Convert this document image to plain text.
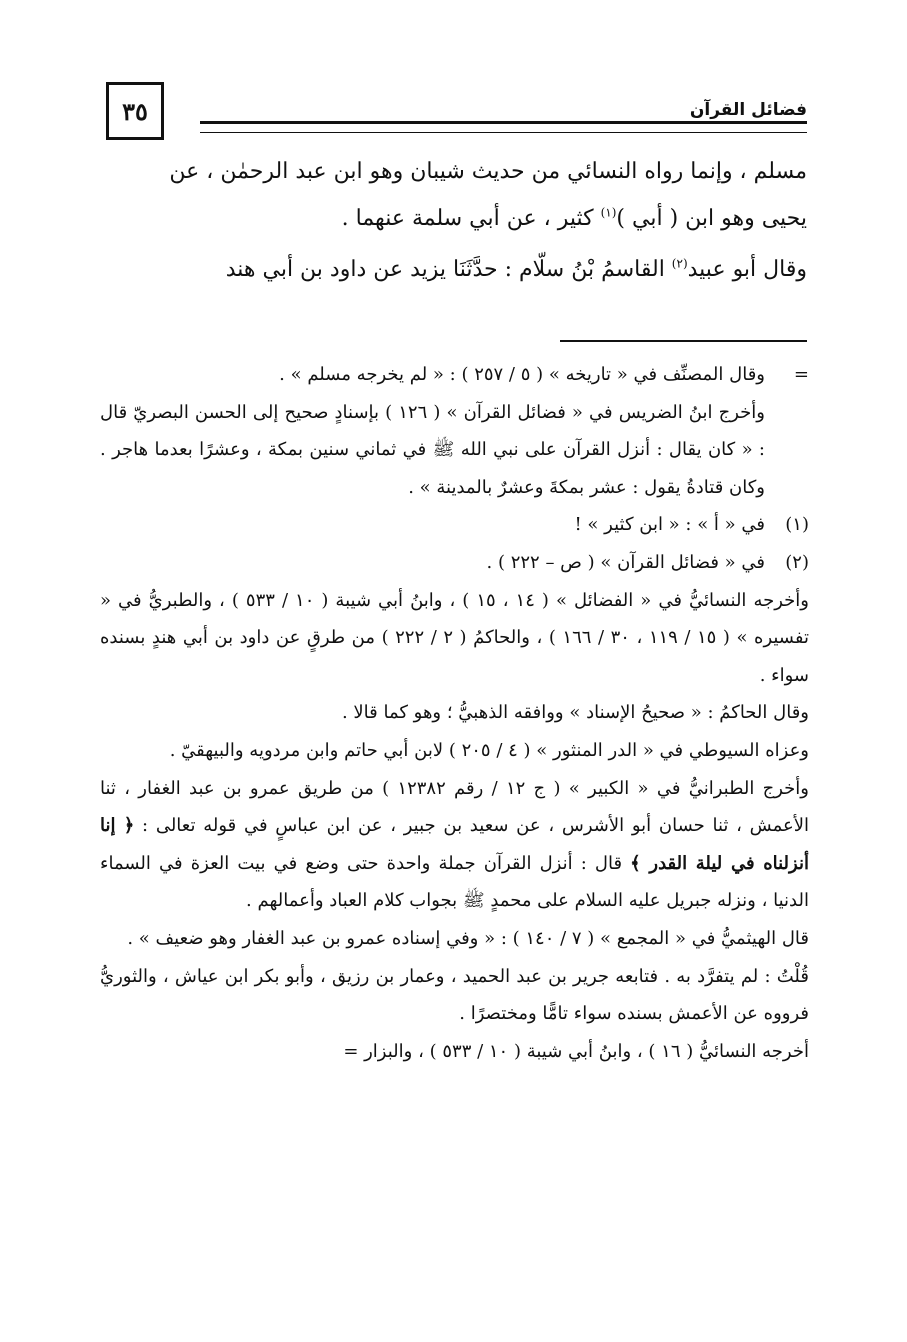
٣٥	فضائل القرآن

مسلم ، وإنما رواه النسائي من حديث شيبان وهو ابن عبد الرحمٰن ، عن

يحيى وهو ابن ( أبي )$^{(١)}$ كثير ، عن أبي سلمة عنهما .

وقال أبو عبيد$^{(٢)}$ القاسمُ بْنُ سلّام : حدَّثَنَا يزيد عن داود بن أبي هند

=

وقال المصنِّف في « تاريخه » ( ٥ / ٢٥٧ ) : « لم يخرجه مسلم » .

وأخرج ابنُ الضريس في « فضائل القرآن » ( ١٢٦ ) بإسنادٍ صحيح إلى الحسن البصريّ قال : « كان يقال : أنزل القرآن على نبي الله ﷺ في ثماني سنين بمكة ، وعشرًا بعدما هاجر . وكان قتادةُ يقول : عشر بمكةَ وعشرٌ بالمدينة » .

(١)

في « أ » : « ابن كثير » !

(٢)

في « فضائل القرآن » ( ص – ٢٢٢ ) .

وأخرجه النسائيُّ في « الفضائل » ( ١٤ ، ١٥ ) ، وابنُ أبي شيبة ( ١٠ / ٥٣٣ ) ، والطبريُّ في « تفسيره » ( ١٥ / ١١٩ ، ٣٠ / ١٦٦ ) ، والحاكمُ ( ٢ / ٢٢٢ ) من طرقٍ عن داود بن أبي هندٍ بسنده سواء .

وقال الحاكمُ : « صحيحُ الإسناد » ووافقه الذهبيُّ ؛ وهو كما قالا .

وعزاه السيوطي في « الدر المنثور » ( ٤ / ٢٠٥ ) لابن أبي حاتم وابن مردويه والبيهقيّ .

وأخرج الطبرانيُّ في « الكبير » ( ج ١٢ / رقم ١٢٣٨٢ ) من طريق عمرو بن عبد الغفار ، ثنا الأعمش ، ثنا حسان أبو الأشرس ، عن سعيد بن جبير ، عن ابن عباسٍ في قوله تعالى : ﴿ إنا أنزلناه في ليلة القدر ﴾ قال : أنزل القرآن جملة واحدة حتى وضع في بيت العزة في السماء الدنيا ، ونزله جبريل عليه السلام على محمدٍ ﷺ بجواب كلام العباد وأعمالهم .

قال الهيثميُّ في « المجمع » ( ٧ / ١٤٠ ) : « وفي إسناده عمرو بن عبد الغفار وهو ضعيف » .

قُلْتُ : لم يتفرَّد به . فتابعه جرير بن عبد الحميد ، وعمار بن رزيق ، وأبو بكر ابن عياش ، والثوريُّ فرووه عن الأعمش بسنده سواء تامًّا ومختصرًا .

أخرجه النسائيُّ ( ١٦ ) ، وابنُ أبي شيبة ( ١٠ / ٥٣٣ ) ، والبزار =
